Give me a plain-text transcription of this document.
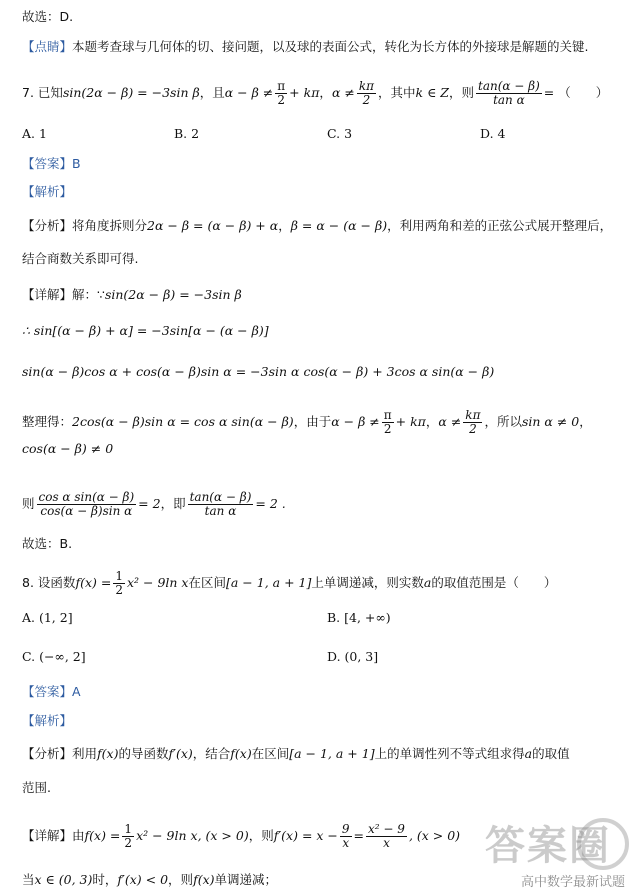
故选：D.
【点睛】本题考查球与几何体的切、接问题，以及球的表面公式，转化为长方体的外接球是解题的关键.
7. 已知sin(2α − β) = −3sin β，且$\alpha - \beta \ne \frac{\pi}{2} + k\pi$，$\alpha \ne \frac{k\pi}{2}$ ，其中k ∈ Z，则 $\frac{\tan(\alpha - \beta)}{\text{tan α}}$ = （　　）
A. 1	B. 2	C. 3	D. 4
【答案】B
【解析】
【分析】将角度拆则分2α − β = (α − β) + α，β = α − (α − β)，利用两角和差的正弦公式展开整理后，
结合商数关系即可得.
【详解】解：∵sin(2α − β) = −3sin β
∴ sin[(α − β) + α] = −3sin[α − (α − β)]
sin(α − β)cos α + cos(α − β)sin α = −3sin α cos(α − β) + 3cos α sin(α − β)
整理得：2cos(α − β)sin α = cos α sin(α − β)，由于$\alpha - \beta \ne \frac{\pi}{2} + k\pi$，$\alpha \ne \frac{k\pi}{2}$ ，所以sin α ≠ 0，
cos(α − β) ≠ 0
则 $\frac{\text{cos α sin(α − β)}}{\text{cos(α − β)sin α}} = 2$，即 $\frac{\tan(\alpha - \beta)}{\text{tan α}} = 2$ .
故选：B.
8. 设函数$f(x) = \frac{1}{2} x^2 - 9\ln$ x在区间[a − 1, a + 1]上单调递减，则实数a的取值范围是（　　）
A. (1, 2]	B. [4, +∞)
C. (−∞, 2]	D. (0, 3]
【答案】A
【解析】
【分析】利用f(x)的导函数f′(x)，结合f(x)在区间[a − 1, a + 1]上的单调性列不等式组求得a的取值
范围.
【详解】由$f(x) = \frac{1}{2} x^2 - 9\ln$ x, (x > 0)，则$f'(x) = x - \frac{9}{x} = \frac{\text{x² − 9}}{x}$ , (x > 0)
当x ∈ (0, 3)时，f′(x) < 0，则f(x)单调递减；
答案圈
高中数学最新试题
